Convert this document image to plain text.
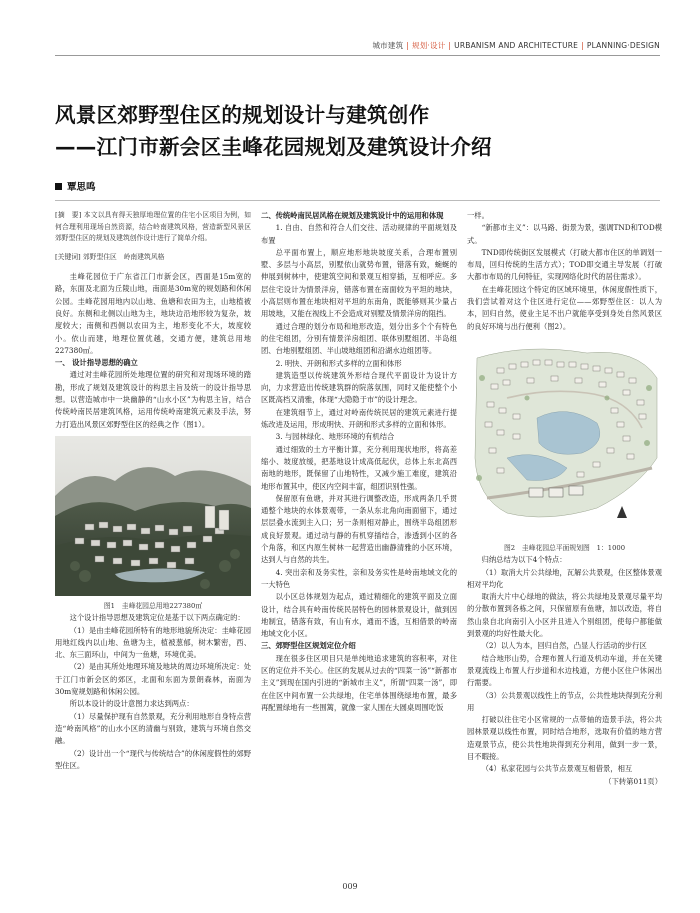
城市建筑 | 规划·设计 | URBANISM AND ARCHITECTURE | PLANNING·DESIGN
风景区郊野型住区的规划设计与建筑创作
——江门市新会区圭峰花园规划及建筑设计介绍
覃思鸣

[摘　要] 本文以具有得天独厚地理位置的住宅小区项目为例，如何合理利用现场自然资源，结合岭南建筑风格，营造新型风景区郊野型住区的规划及建筑创作设计进行了简单介绍。

[关键词] 郊野型住区　岭南建筑风格

圭峰花园位于广东省江门市新会区，西面是15m宽的路，东面及北面为丘陵山地，南面是30m宽的规划路和休闲公园。圭峰花园用地内以山地、鱼塘和农田为主，山地植被良好。东侧和北侧以山地为主，地块边沿地形较为复杂，坡度较大；南侧和西侧以农田为主，地形变化不大，坡度较小。依山而建，地理位置优越，交通方便，建筑总用地227380㎡。

一、 设计指导思想的确立

通过对圭峰花园所处地理位置的研究和对现场环境的踏勘，形成了规划及建筑设计的构思主旨及统一的设计指导思想。以营造城市中一块幽静的“山水小区”为构思主旨，结合传统岭南民居建筑风格，运用传统岭南建筑元素及手法，努力打造出风景区郊野型住区的经典之作（图1）。

图1　圭峰花园总用地227380㎡

这个设计指导思想及建筑定位是基于以下两点确定的：

（1）是由圭峰花园所特有的地形地貌所决定：圭峰花园用地红线内以山地、鱼塘为主，植被葱郁，树木繁密，西、北、东三面环山，中间为一鱼塘，环境优美。

（2）是由其所处地理环境及地块的周边环境所决定：处于江门市新会区的郊区，北面和东面为景朗森林，南面为30m宽规划路和休闲公园。

所以本设计的设计意图力求达到两点：

（1）尽量保护现有自然景观，充分利用地形自身特点营造“岭南风格”的山水小区的清幽与别致，建筑与环境自然交融。

（2）设计出一个“现代与传统结合”的休闲度假性的郊野型住区。

二、传统岭南民居风格在规划及建筑设计中的运用和体现

1. 自由、自然和符合人们交往、活动规律的平面规划及布置

总平面布置上，顺应地形地块坡度关系，合理布置别墅、多层与小高层，别墅依山就势布置，错落有致，蜿蜒的伸展到树林中，使建筑空间和景观互相穿插，互相呼应。多层住宅设计为情景洋房，错落布置在南面较为平坦的地块，小高层则布置在地块相对平坦的东南角，既能够则其少量占用坡地，又能在视线上不会造成对别墅及情景洋房的阻挡。

通过合理的划分布局和地形改造，划分出多个个有特色的住宅组团，分别有情景洋房组团、联体别墅组团、半岛组团、台地别墅组团、半山坡地组团和沿湖水边组团等。

2. 明快、开朗和形式多样的立面和体形

建筑造型以传统建筑外形结合现代平面设计为设计方向，力求营造出传统建筑群的院落氛围，同时又能使整个小区既高档又清雅，体现“大隐隐于市”的设计理念。

在建筑细节上，通过对岭南传统民居的建筑元素进行提炼改进及运用，形成明快、开朗和形式多样的立面和体形。

3. 与园林绿化、地形环境的有机结合

通过细致的土方平衡计算，充分利用现状地形，将高差缩小、坡度放缓，把基地设计成高低起伏，总体上东北高西南地的地形，既保留了山地特性，又减少施工难度，建筑沿地形布置其中，使区内空间丰富，组团识别性强。

保留原有鱼塘，并对其进行调整改造，形成两条几乎贯通整个地块的水体景观带，一条从东北角向南面留下，通过层层叠水流到主入口；另一条则相对静止，围绕半岛组团形成良好景观。通过动与静的有机穿插结合，渗透到小区的各个角落，和区内原生树林一起营造出幽静清雅的小区环境，达到人与自然的共生。

4. 突出亲和及务实性，亲和及务实性是岭南地域文化的一大特色

以小区总体规划为起点，通过精细化的建筑平面及立面设计，结合具有岭南传统民居特色的园林景观设计，做到因地制宜，错落有致，有山有水，通而不透，互相借景的岭南地域文化小区。

三、郊野型住区规划定位介绍

现在很多住区项目只是单纯地追求建筑的容积率，对住区的定位并不关心。住区的发展从过去的“四菜一汤”“新都市主义”到现在国内引进的“新城市主义”，所谓“四菜一汤”，即在住区中间布置一公共绿地，住宅单体围绕绿地布置，最多再配置绿地有一些围篱，就像一家人围在大圆桌周围吃饭

一样。

“新都市主义”：以马路、街景为景，强调TND和TOD模式。

TND即传统街区发展模式（打破大都市住区的单调划一布局，回归传统的生活方式）；TOD即交通主导发展（打破大都市布局的几何特征，实现网络化时代的居住需求）。

在圭峰花园这个特定的区域环境里，休闲度假性质下，我们尝试着对这个住区进行定位——郊野型住区：以人为本，回归自然，使业主足不出户就能享受到身处自然风景区的良好环境与出行便利（图2）。

图2　圭峰花园总平面规划图　1：1000

归纳总结为以下4个特点：

（1）取消大片公共绿地，瓦解公共景观，住区整体景观相对平均化

取消大片中心绿地的做法，将公共绿地及景观尽量平均的分散布置到各栋之间，只保留原有鱼塘，加以改造，将自然山泉自北向南引入小区并且进入个别组团，使每户都能做到景观的均好性最大化。

（2）以人为本，回归自然，凸显人行活动的步行区

结合地形山势，合理布置人行道及机动车道，并在关键景观流线上布置人行步道和水边栈道，方便小区住户休闲出行需要。

（3）公共景观以线性上的节点，公共性地块得到充分利用

打破以往住宅小区常规的一点带轴的造景手法，将公共园林景观以线性布置，同时结合地形，选取有价值的地方营造观景节点，使公共性地块得到充分利用，做到一步一景，目不暇接。

（4）私家花园与公共节点景观互相借景，相互

（下转第011页）

009
